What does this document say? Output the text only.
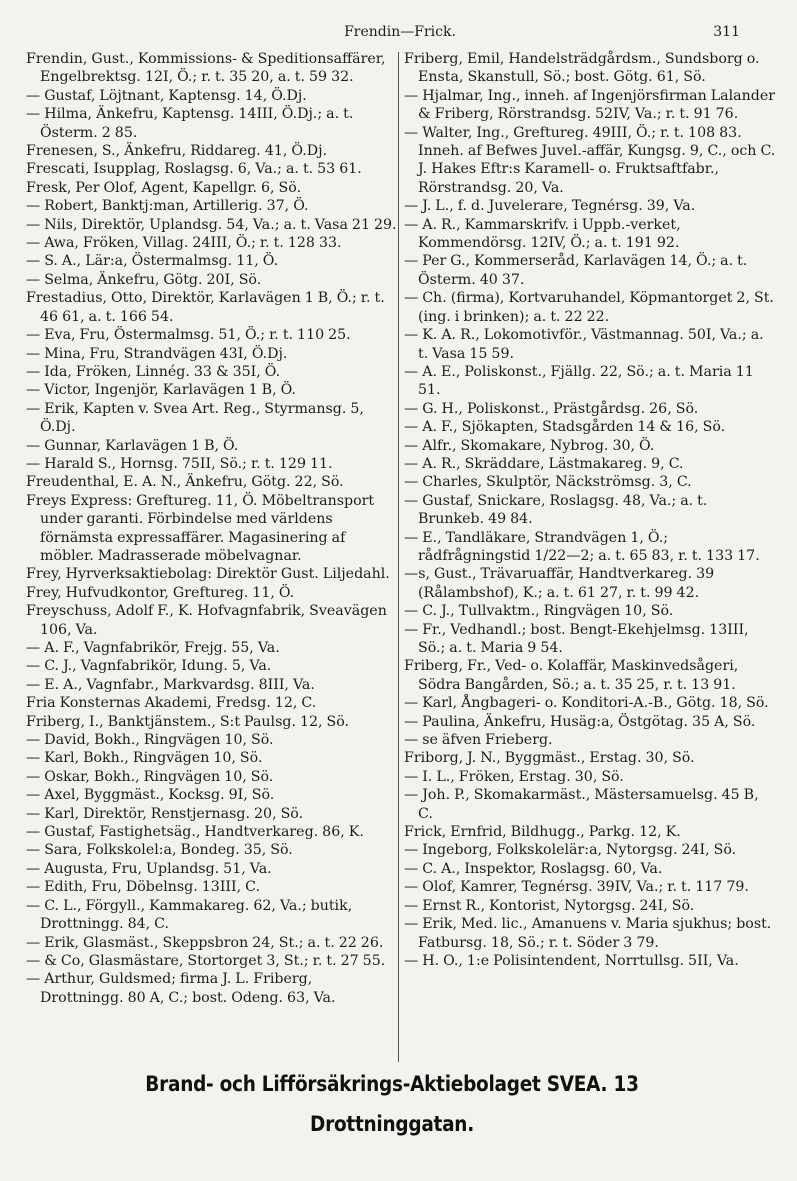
Frendin—Frick.	311
Frendin, Gust., Kommissions- & Speditionsaffärer, Engelbrektsg. 12I, Ö.; r. t. 35 20, a. t. 59 32.
— Gustaf, Löjtnant, Kaptensg. 14, Ö.Dj.
— Hilma, Änkefru, Kaptensg. 14III, Ö.Dj.; a. t. Österm. 2 85.
Frenesen, S., Änkefru, Riddareg. 41, Ö.Dj.
Frescati, Isupplag, Roslagsg. 6, Va.; a. t. 53 61.
Fresk, Per Olof, Agent, Kapellgr. 6, Sö.
— Robert, Banktj:man, Artillerig. 37, Ö.
— Nils, Direktör, Uplandsg. 54, Va.; a. t. Vasa 21 29.
— Awa, Fröken, Villag. 24III, Ö.; r. t. 128 33.
— S. A., Lär:a, Östermalmsg. 11, Ö.
— Selma, Änkefru, Götg. 20I, Sö.
Frestadius, Otto, Direktör, Karlavägen 1 B, Ö.; r. t. 46 61, a. t. 166 54.
— Eva, Fru, Östermalmsg. 51, Ö.; r. t. 110 25.
— Mina, Fru, Strandvägen 43I, Ö.Dj.
— Ida, Fröken, Linnég. 33 & 35I, Ö.
— Victor, Ingenjör, Karlavägen 1 B, Ö.
— Erik, Kapten v. Svea Art. Reg., Styrmansg. 5, Ö.Dj.
— Gunnar, Karlavägen 1 B, Ö.
— Harald S., Hornsg. 75II, Sö.; r. t. 129 11.
Freudenthal, E. A. N., Änkefru, Götg. 22, Sö.
Freys Express: Greftureg. 11, Ö. Möbeltransport under garanti. Förbindelse med världens förnämsta expressaffärer. Magasinering af möbler. Madrasserade möbelvagnar.
Frey, Hyrverksaktiebolag: Direktör Gust. Liljedahl.
Frey, Hufvudkontor, Greftureg. 11, Ö.
Freyschuss, Adolf F., K. Hofvagnfabrik, Sveavägen 106, Va.
— A. F., Vagnfabrikör, Frejg. 55, Va.
— C. J., Vagnfabrikör, Idung. 5, Va.
— E. A., Vagnfabr., Markvardsg. 8III, Va.
Fria Konsternas Akademi, Fredsg. 12, C.
Friberg, I., Banktjänstem., S:t Paulsg. 12, Sö.
— David, Bokh., Ringvägen 10, Sö.
— Karl, Bokh., Ringvägen 10, Sö.
— Oskar, Bokh., Ringvägen 10, Sö.
— Axel, Byggmäst., Kocksg. 9I, Sö.
— Karl, Direktör, Renstjernasg. 20, Sö.
— Gustaf, Fastighetsäg., Handtverkareg. 86, K.
— Sara, Folkskolel:a, Bondeg. 35, Sö.
— Augusta, Fru, Uplandsg. 51, Va.
— Edith, Fru, Döbelnsg. 13III, C.
— C. L., Förgyll., Kammakareg. 62, Va.; butik, Drottningg. 84, C.
— Erik, Glasmäst., Skeppsbron 24, St.; a. t. 22 26.
— & Co, Glasmästare, Stortorget 3, St.; r. t. 27 55.
— Arthur, Guldsmed; firma J. L. Friberg, Drottningg. 80 A, C.; bost. Odeng. 63, Va.
Friberg, Emil, Handelsträdgårdsm., Sundsborg o. Ensta, Skanstull, Sö.; bost. Götg. 61, Sö.
— Hjalmar, Ing., inneh. af Ingenjörsfirman Lalander & Friberg, Rörstrandsg. 52IV, Va.; r. t. 91 76.
— Walter, Ing., Greftureg. 49III, Ö.; r. t. 108 83. Inneh. af Befwes Juvel.-affär, Kungsg. 9, C., och C. J. Hakes Eftr:s Karamell- o. Fruktsaftfabr., Rörstrandsg. 20, Va.
— J. L., f. d. Juvelerare, Tegnérsg. 39, Va.
— A. R., Kammarskrifv. i Uppb.-verket, Kommendörsg. 12IV, Ö.; a. t. 191 92.
— Per G., Kommerseråd, Karlavägen 14, Ö.; a. t. Österm. 40 37.
— Ch. (firma), Kortvaruhandel, Köpmantorget 2, St. (ing. i brinken); a. t. 22 22.
— K. A. R., Lokomotivför., Västmannag. 50I, Va.; a. t. Vasa 15 59.
— A. E., Poliskonst., Fjällg. 22, Sö.; a. t. Maria 11 51.
— G. H., Poliskonst., Prästgårdsg. 26, Sö.
— A. F., Sjökapten, Stadsgården 14 & 16, Sö.
— Alfr., Skomakare, Nybrog. 30, Ö.
— A. R., Skräddare, Lästmakareg. 9, C.
— Charles, Skulptör, Näckströmsg. 3, C.
— Gustaf, Snickare, Roslagsg. 48, Va.; a. t. Brunkeb. 49 84.
— E., Tandläkare, Strandvägen 1, Ö.; rådfrågningstid 1/22—2; a. t. 65 83, r. t. 133 17.
—s, Gust., Trävaruaffär, Handtverkareg. 39 (Rålambshof), K.; a. t. 61 27, r. t. 99 42.
— C. J., Tullvaktm., Ringvägen 10, Sö.
— Fr., Vedhandl.; bost. Bengt-Ekehjelmsg. 13III, Sö.; a. t. Maria 9 54.
Friberg, Fr., Ved- o. Kolaffär, Maskinvedsågeri, Södra Bangården, Sö.; a. t. 35 25, r. t. 13 91.
— Karl, Ångbageri- o. Konditori-A.-B., Götg. 18, Sö.
— Paulina, Änkefru, Husäg:a, Östgötag. 35 A, Sö.
— se äfven Frieberg.
Friborg, J. N., Byggmäst., Erstag. 30, Sö.
— I. L., Fröken, Erstag. 30, Sö.
— Joh. P., Skomakarmäst., Mästersamuelsg. 45 B, C.
Frick, Ernfrid, Bildhugg., Parkg. 12, K.
— Ingeborg, Folkskolelär:a, Nytorgsg. 24I, Sö.
— C. A., Inspektor, Roslagsg. 60, Va.
— Olof, Kamrer, Tegnérsg. 39IV, Va.; r. t. 117 79.
— Ernst R., Kontorist, Nytorgsg. 24I, Sö.
— Erik, Med. lic., Amanuens v. Maria sjukhus; bost. Fatbursg. 18, Sö.; r. t. Söder 3 79.
— H. O., 1:e Polisintendent, Norrtullsg. 5II, Va.
Brand- och Lifförsäkrings-Aktiebolaget SVEA. 13 Drottninggatan.
